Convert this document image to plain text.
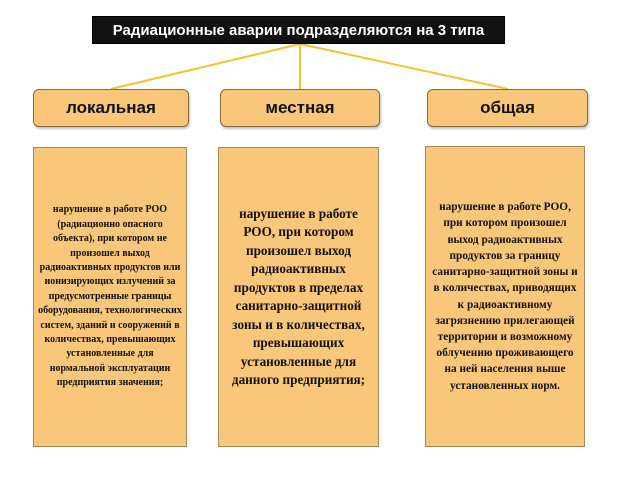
Радиационные аварии подразделяются на 3 типа
локальная	местная	общая
нарушение в работе РОО (радиационно опасного объекта), при котором не произошел выход радиоактивных продуктов или ионизирующих излучений за предусмотренные границы оборудования, технологических систем, зданий и сооружений в количествах, превышающих установленные для нормальной эксплуатации предприятия значения;
нарушение в работе РОО, при котором произошел выход радиоактивных продуктов в пределах санитарно-защитной зоны и в количествах, превышающих установленные для данного предприятия;
нарушение в работе РОО, при котором произошел выход радиоактивных продуктов за границу санитарно-защитной зоны и в количествах, приводящих к радиоактивному загрязнению прилегающей территории и возможному облучению проживающего на ней населения выше установленных норм.
